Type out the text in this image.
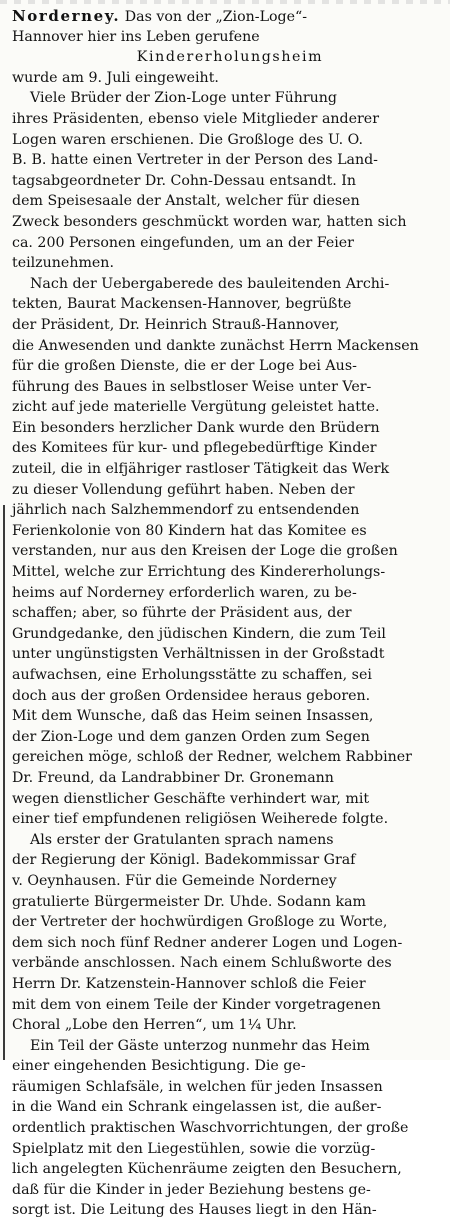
Norderney. Das von der „Zion-Loge“-
Hannover hier ins Leben gerufene
Kindererholungsheim
wurde am 9. Juli eingeweiht.
Viele Brüder der Zion-Loge unter Führung
ihres Präsidenten, ebenso viele Mitglieder anderer
Logen waren erschienen. Die Großloge des U. O.
B. B. hatte einen Vertreter in der Person des Land-
tagsabgeordneter Dr. Cohn-Dessau entsandt. In
dem Speisesaale der Anstalt, welcher für diesen
Zweck besonders geschmückt worden war, hatten sich
ca. 200 Personen eingefunden, um an der Feier
teilzunehmen.
Nach der Uebergaberede des bauleitenden Archi-
tekten, Baurat Mackensen-Hannover, begrüßte
der Präsident, Dr. Heinrich Strauß-Hannover,
die Anwesenden und dankte zunächst Herrn Mackensen
für die großen Dienste, die er der Loge bei Aus-
führung des Baues in selbstloser Weise unter Ver-
zicht auf jede materielle Vergütung geleistet hatte.
Ein besonders herzlicher Dank wurde den Brüdern
des Komitees für kur- und pflegebedürftige Kinder
zuteil, die in elfjähriger rastloser Tätigkeit das Werk
zu dieser Vollendung geführt haben. Neben der
jährlich nach Salzhemmendorf zu entsendenden
Ferienkolonie von 80 Kindern hat das Komitee es
verstanden, nur aus den Kreisen der Loge die großen
Mittel, welche zur Errichtung des Kindererholungs-
heims auf Norderney erforderlich waren, zu be-
schaffen; aber, so führte der Präsident aus, der
Grundgedanke, den jüdischen Kindern, die zum Teil
unter ungünstigsten Verhältnissen in der Großstadt
aufwachsen, eine Erholungsstätte zu schaffen, sei
doch aus der großen Ordensidee heraus geboren.
Mit dem Wunsche, daß das Heim seinen Insassen,
der Zion-Loge und dem ganzen Orden zum Segen
gereichen möge, schloß der Redner, welchem Rabbiner
Dr. Freund, da Landrabbiner Dr. Gronemann
wegen dienstlicher Geschäfte verhindert war, mit
einer tief empfundenen religiösen Weiherede folgte.
Als erster der Gratulanten sprach namens
der Regierung der Königl. Badekommissar Graf
v. Oeynhausen. Für die Gemeinde Norderney
gratulierte Bürgermeister Dr. Uhde. Sodann kam
der Vertreter der hochwürdigen Großloge zu Worte,
dem sich noch fünf Redner anderer Logen und Logen-
verbände anschlossen. Nach einem Schlußworte des
Herrn Dr. Katzenstein-Hannover schloß die Feier
mit dem von einem Teile der Kinder vorgetragenen
Choral „Lobe den Herren“, um 1¼ Uhr.
Ein Teil der Gäste unterzog nunmehr das Heim
einer eingehenden Besichtigung. Die ge-
räumigen Schlafsäle, in welchen für jeden Insassen
in die Wand ein Schrank eingelassen ist, die außer-
ordentlich praktischen Waschvorrichtungen, der große
Spielplatz mit den Liegestühlen, sowie die vorzüg-
lich angelegten Küchenräume zeigten den Besuchern,
daß für die Kinder in jeder Beziehung bestens ge-
sorgt ist. Die Leitung des Hauses liegt in den Hän-
